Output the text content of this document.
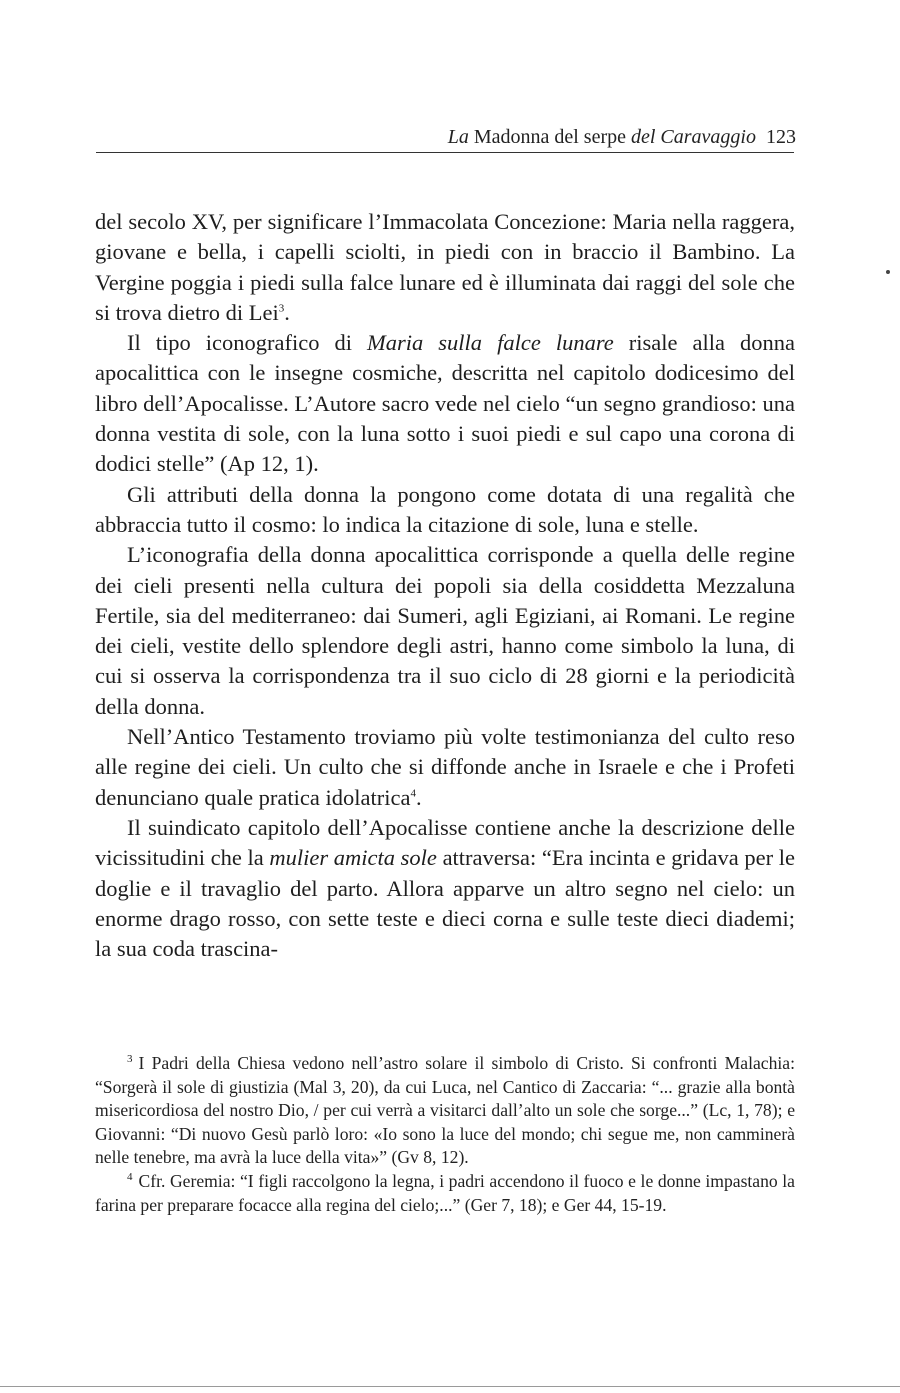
La Madonna del serpe del Caravaggio 123

del secolo XV, per significare l’Immacolata Concezione: Maria nella raggera, giovane e bella, i capelli sciolti, in piedi con in braccio il Bambino. La Vergine poggia i piedi sulla falce lunare ed è illuminata dai raggi del sole che si trova dietro di Lei$^3$.

Il tipo iconografico di Maria sulla falce lunare risale alla donna apocalittica con le insegne cosmiche, descritta nel capitolo dodicesimo del libro dell’Apocalisse. L’Autore sacro vede nel cielo “un segno grandioso: una donna vestita di sole, con la luna sotto i suoi piedi e sul capo una corona di dodici stelle” (Ap 12, 1).

Gli attributi della donna la pongono come dotata di una regalità che abbraccia tutto il cosmo: lo indica la citazione di sole, luna e stelle.

L’iconografia della donna apocalittica corrisponde a quella delle regine dei cieli presenti nella cultura dei popoli sia della cosiddetta Mezzaluna Fertile, sia del mediterraneo: dai Sumeri, agli Egiziani, ai Romani. Le regine dei cieli, vestite dello splendore degli astri, hanno come simbolo la luna, di cui si osserva la corrispondenza tra il suo ciclo di 28 giorni e la periodicità della donna.

Nell’Antico Testamento troviamo più volte testimonianza del culto reso alle regine dei cieli. Un culto che si diffonde anche in Israele e che i Profeti denunciano quale pratica idolatrica$^4$.

Il suindicato capitolo dell’Apocalisse contiene anche la descrizione delle vicissitudini che la mulier amicta sole attraversa: “Era incinta e gridava per le doglie e il travaglio del parto. Allora apparve un altro segno nel cielo: un enorme drago rosso, con sette teste e dieci corna e sulle teste dieci diademi; la sua coda trascina-

$^3$ I Padri della Chiesa vedono nell’astro solare il simbolo di Cristo. Si confronti Malachia: “Sorgerà il sole di giustizia (Mal 3, 20), da cui Luca, nel Cantico di Zaccaria: “... grazie alla bontà misericordiosa del nostro Dio, / per cui verrà a visitarci dall’alto un sole che sorge...” (Lc, 1, 78); e Giovanni: “Di nuovo Gesù parlò loro: «Io sono la luce del mondo; chi segue me, non camminerà nelle tenebre, ma avrà la luce della vita»” (Gv 8, 12).

$^4$ Cfr. Geremia: “I figli raccolgono la legna, i padri accendono il fuoco e le donne impastano la farina per preparare focacce alla regina del cielo;...” (Ger 7, 18); e Ger 44, 15-19.
